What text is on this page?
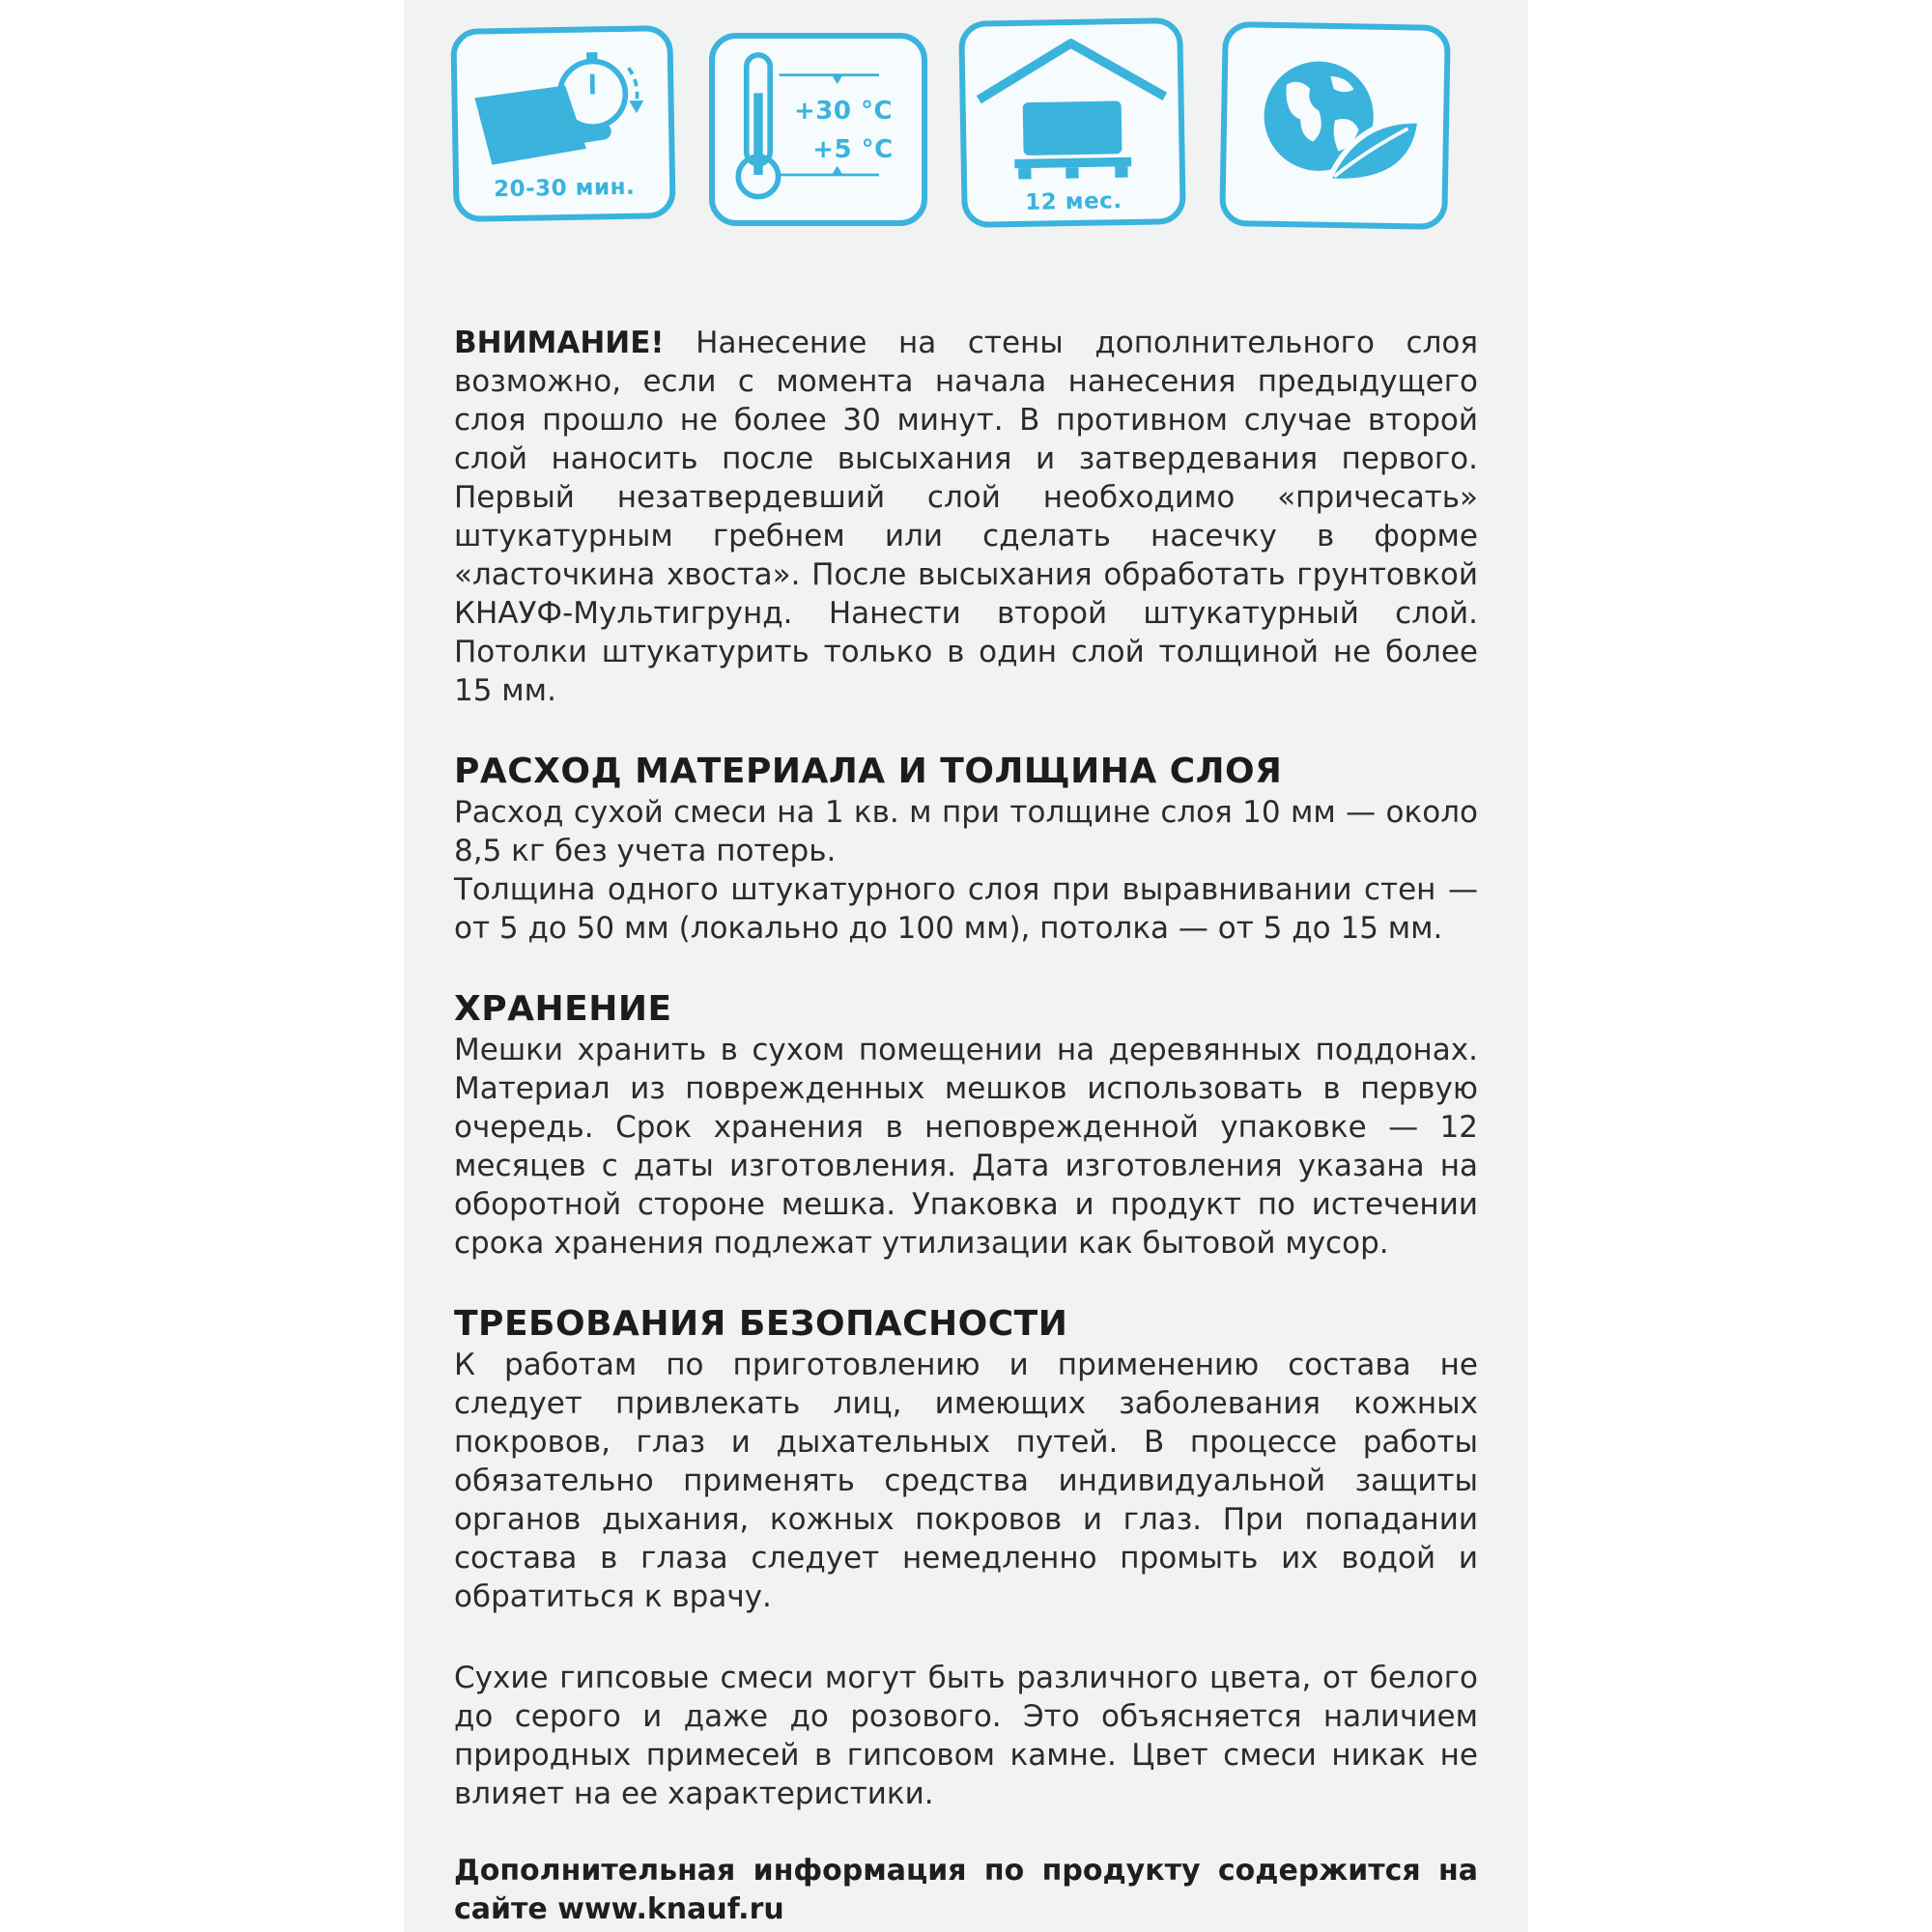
20-30 мин.
+30 °C
+5 °C
12 мес.

ВНИМАНИЕ! Нанесение на стены дополнительного слоя возможно, если с момента начала нанесения предыдущего слоя прошло не более 30 минут. В противном случае второй слой наносить после высыхания и затвердевания первого. Первый незатвердевший слой необходимо «причесать» штукатурным гребнем или сделать насечку в форме «ласточкина хвоста». После высыхания обработать грунтовкой КНАУФ-Мультигрунд. Нанести второй штукатурный слой. Потолки штукатурить только в один слой толщиной не более 15 мм.

РАСХОД МАТЕРИАЛА И ТОЛЩИНА СЛОЯ

Расход сухой смеси на 1 кв. м при толщине слоя 10 мм — около 8,5 кг без учета потерь.

Толщина одного штукатурного слоя при выравнивании стен — от 5 до 50 мм (локально до 100 мм), потолка — от 5 до 15 мм.

ХРАНЕНИЕ

Мешки хранить в сухом помещении на деревянных поддонах. Материал из поврежденных мешков использовать в первую очередь. Срок хранения в неповрежденной упаковке — 12 месяцев с даты изготовления. Дата изготовления указана на оборотной стороне мешка. Упаковка и продукт по истечении срока хранения подлежат утилизации как бытовой мусор.

ТРЕБОВАНИЯ БЕЗОПАСНОСТИ

К работам по приготовлению и применению состава не следует привлекать лиц, имеющих заболевания кожных покровов, глаз и дыхательных путей. В процессе работы обязательно применять средства индивидуальной защиты органов дыхания, кожных покровов и глаз. При попадании состава в глаза следует немедленно промыть их водой и обратиться к врачу.

Сухие гипсовые смеси могут быть различного цвета, от белого до серого и даже до розового. Это объясняется наличием природных примесей в гипсовом камне. Цвет смеси никак не влияет на ее характеристики.

Дополнительная информация по продукту содержится на сайте www.knauf.ru
